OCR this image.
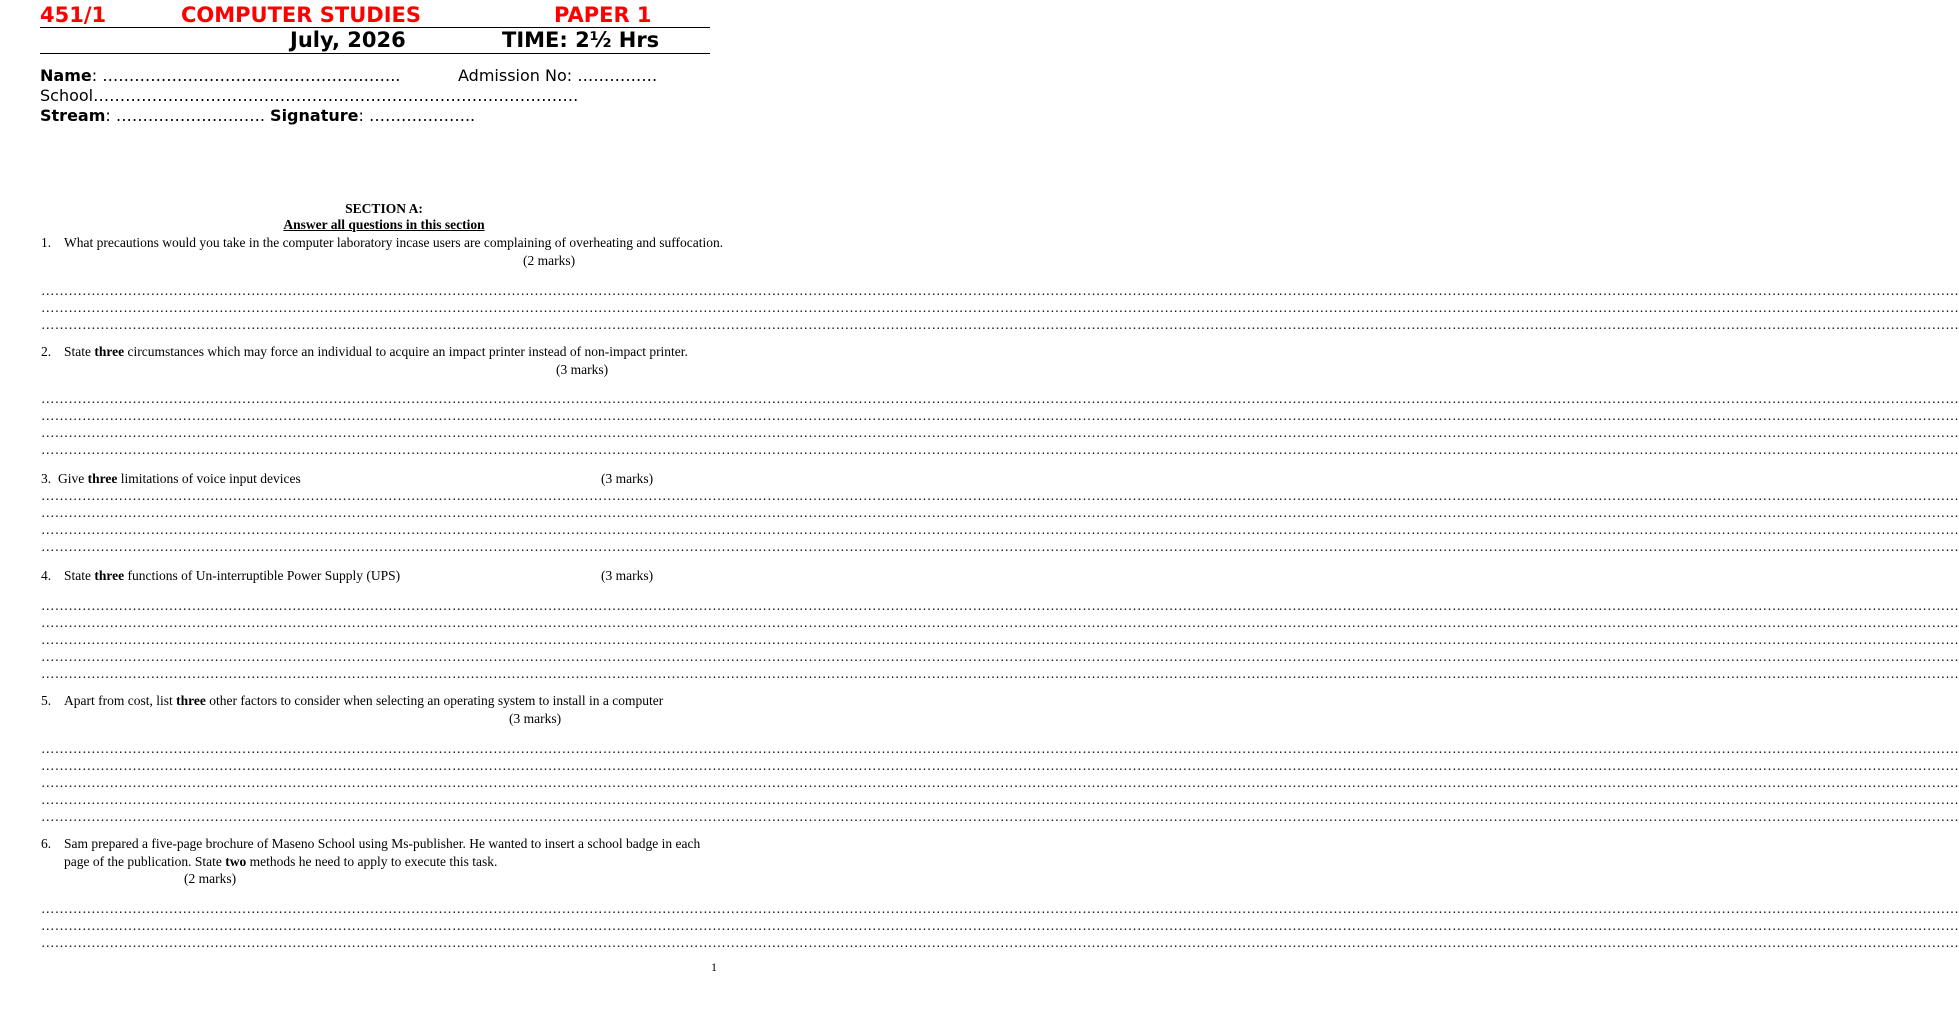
451/1	COMPUTER STUDIES	PAPER 1
July, 2026	TIME: 2½ Hrs
Name: ………………………………………………..	Admission No: ……………
School……………………………………………………………………………….
Stream: ………………………. Signature: ………………..
SECTION A:
Answer all questions in this section
1. What precautions would you take in the computer laboratory incase users are complaining of overheating and suffocation.
(2 marks)
……………………………………………………………………………………………………………………………………………………………………………………………………………………………………………………………………………………………………………………………………………………………………………………
……………………………………………………………………………………………………………………………………………………………………………………………………………………………………………………………………………………………………………………………………………………………………………………
……………………………………………………………………………………………………………………………………………………………………………………………………………………………………………………………………………………………………………………………………………………………………………………
2. State three circumstances which may force an individual to acquire an impact printer instead of non-impact printer.
(3 marks)
……………………………………………………………………………………………………………………………………………………………………………………………………………………………………………………………………………………………………………………………………………………………………………………
……………………………………………………………………………………………………………………………………………………………………………………………………………………………………………………………………………………………………………………………………………………………………………………
……………………………………………………………………………………………………………………………………………………………………………………………………………………………………………………………………………………………………………………………………………………………………………………
……………………………………………………………………………………………………………………………………………………………………………………………………………………………………………………………………………………………………………………………………………………………………………………
3. Give three limitations of voice input devices	(3 marks)
……………………………………………………………………………………………………………………………………………………………………………………………………………………………………………………………………………………………………………………………………………………………………………………
……………………………………………………………………………………………………………………………………………………………………………………………………………………………………………………………………………………………………………………………………………………………………………………
……………………………………………………………………………………………………………………………………………………………………………………………………………………………………………………………………………………………………………………………………………………………………………………
……………………………………………………………………………………………………………………………………………………………………………………………………………………………………………………………………………………………………………………………………………………………………………………
4. State three functions of Un-interruptible Power Supply (UPS)	(3 marks)
……………………………………………………………………………………………………………………………………………………………………………………………………………………………………………………………………………………………………………………………………………………………………………………
……………………………………………………………………………………………………………………………………………………………………………………………………………………………………………………………………………………………………………………………………………………………………………………
……………………………………………………………………………………………………………………………………………………………………………………………………………………………………………………………………………………………………………………………………………………………………………………
……………………………………………………………………………………………………………………………………………………………………………………………………………………………………………………………………………………………………………………………………………………………………………………
……………………………………………………………………………………………………………………………………………………………………………………………………………………………………………………………………………………………………………………………………………………………………………………
5. Apart from cost, list three other factors to consider when selecting an operating system to install in a computer
(3 marks)
……………………………………………………………………………………………………………………………………………………………………………………………………………………………………………………………………………………………………………………………………………………………………………………
……………………………………………………………………………………………………………………………………………………………………………………………………………………………………………………………………………………………………………………………………………………………………………………
……………………………………………………………………………………………………………………………………………………………………………………………………………………………………………………………………………………………………………………………………………………………………………………
……………………………………………………………………………………………………………………………………………………………………………………………………………………………………………………………………………………………………………………………………………………………………………………
……………………………………………………………………………………………………………………………………………………………………………………………………………………………………………………………………………………………………………………………………………………………………………………
6. Sam prepared a five-page brochure of Maseno School using Ms-publisher. He wanted to insert a school badge in each page of the publication. State two methods he need to apply to execute this task.
(2 marks)
……………………………………………………………………………………………………………………………………………………………………………………………………………………………………………………………………………………………………………………………………………………………………………………
……………………………………………………………………………………………………………………………………………………………………………………………………………………………………………………………………………………………………………………………………………………………………………………
……………………………………………………………………………………………………………………………………………………………………………………………………………………………………………………………………………………………………………………………………………………………………………………
1
